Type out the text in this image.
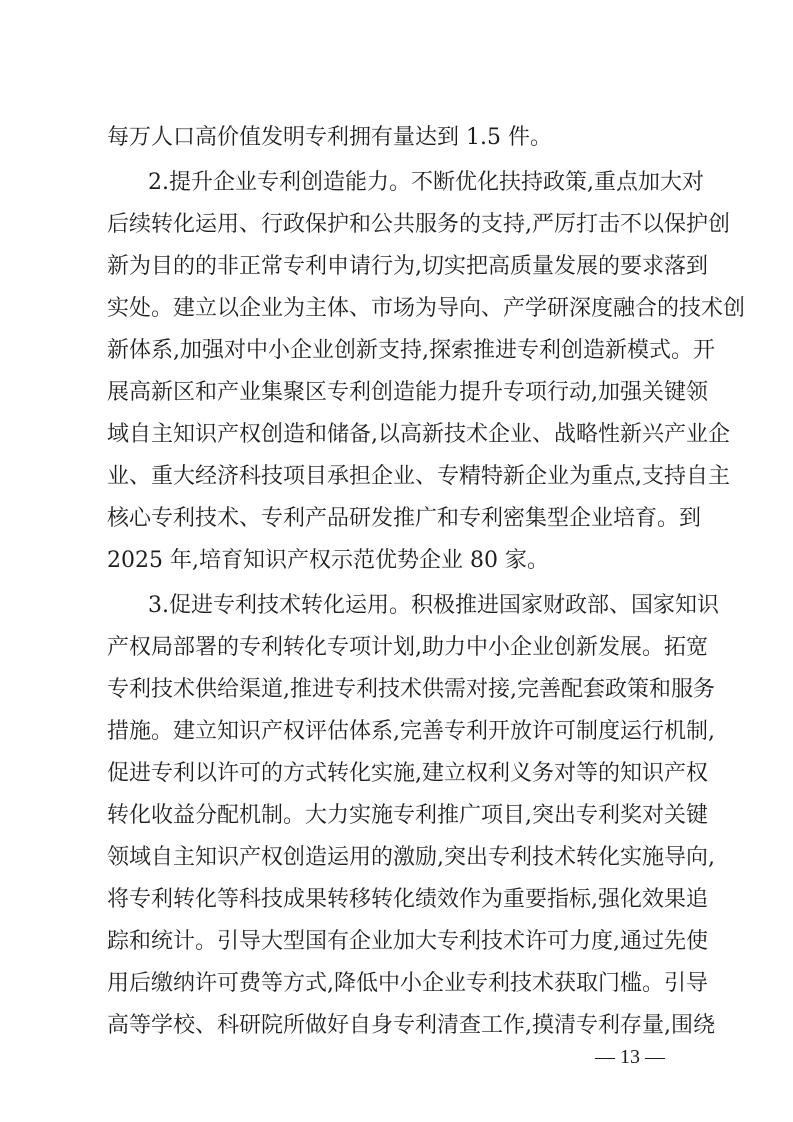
每万人口高价值发明专利拥有量达到 1.5 件。
2.提升企业专利创造能力。不断优化扶持政策,重点加大对
后续转化运用、行政保护和公共服务的支持,严厉打击不以保护创
新为目的的非正常专利申请行为,切实把高质量发展的要求落到
实处。建立以企业为主体、市场为导向、产学研深度融合的技术创
新体系,加强对中小企业创新支持,探索推进专利创造新模式。开
展高新区和产业集聚区专利创造能力提升专项行动,加强关键领
域自主知识产权创造和储备,以高新技术企业、战略性新兴产业企
业、重大经济科技项目承担企业、专精特新企业为重点,支持自主
核心专利技术、专利产品研发推广和专利密集型企业培育。到
2025 年,培育知识产权示范优势企业 80 家。
3.促进专利技术转化运用。积极推进国家财政部、国家知识
产权局部署的专利转化专项计划,助力中小企业创新发展。拓宽
专利技术供给渠道,推进专利技术供需对接,完善配套政策和服务
措施。建立知识产权评估体系,完善专利开放许可制度运行机制,
促进专利以许可的方式转化实施,建立权利义务对等的知识产权
转化收益分配机制。大力实施专利推广项目,突出专利奖对关键
领域自主知识产权创造运用的激励,突出专利技术转化实施导向,
将专利转化等科技成果转移转化绩效作为重要指标,强化效果追
踪和统计。引导大型国有企业加大专利技术许可力度,通过先使
用后缴纳许可费等方式,降低中小企业专利技术获取门槛。引导
高等学校、科研院所做好自身专利清查工作,摸清专利存量,围绕
— 13 —
